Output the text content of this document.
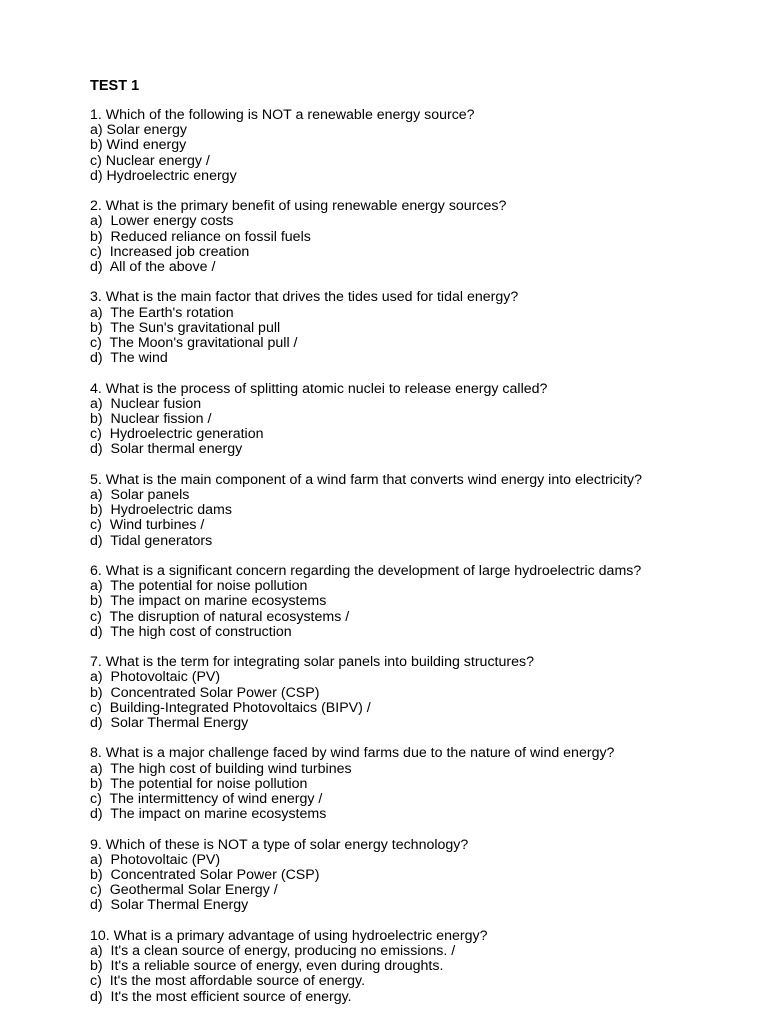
TEST 1

1. Which of the following is NOT a renewable energy source?

a) Solar energy

b) Wind energy

c) Nuclear energy /

d) Hydroelectric energy

2. What is the primary benefit of using renewable energy sources?

a)  Lower energy costs

b)  Reduced reliance on fossil fuels

c)  Increased job creation

d)  All of the above /

3. What is the main factor that drives the tides used for tidal energy?

a)  The Earth's rotation

b)  The Sun's gravitational pull

c)  The Moon's gravitational pull /

d)  The wind

4. What is the process of splitting atomic nuclei to release energy called?

a)  Nuclear fusion

b)  Nuclear fission /

c)  Hydroelectric generation

d)  Solar thermal energy

5. What is the main component of a wind farm that converts wind energy into electricity?

a)  Solar panels

b)  Hydroelectric dams

c)  Wind turbines /

d)  Tidal generators

6. What is a significant concern regarding the development of large hydroelectric dams?

a)  The potential for noise pollution

b)  The impact on marine ecosystems

c)  The disruption of natural ecosystems /

d)  The high cost of construction

7. What is the term for integrating solar panels into building structures?

a)  Photovoltaic (PV)

b)  Concentrated Solar Power (CSP)

c)  Building-Integrated Photovoltaics (BIPV) /

d)  Solar Thermal Energy

8. What is a major challenge faced by wind farms due to the nature of wind energy?

a)  The high cost of building wind turbines

b)  The potential for noise pollution

c)  The intermittency of wind energy /

d)  The impact on marine ecosystems

9. Which of these is NOT a type of solar energy technology?

a)  Photovoltaic (PV)

b)  Concentrated Solar Power (CSP)

c)  Geothermal Solar Energy /

d)  Solar Thermal Energy

10. What is a primary advantage of using hydroelectric energy?

a)  It's a clean source of energy, producing no emissions. /

b)  It's a reliable source of energy, even during droughts.

c)  It's the most affordable source of energy.

d)  It's the most efficient source of energy.
